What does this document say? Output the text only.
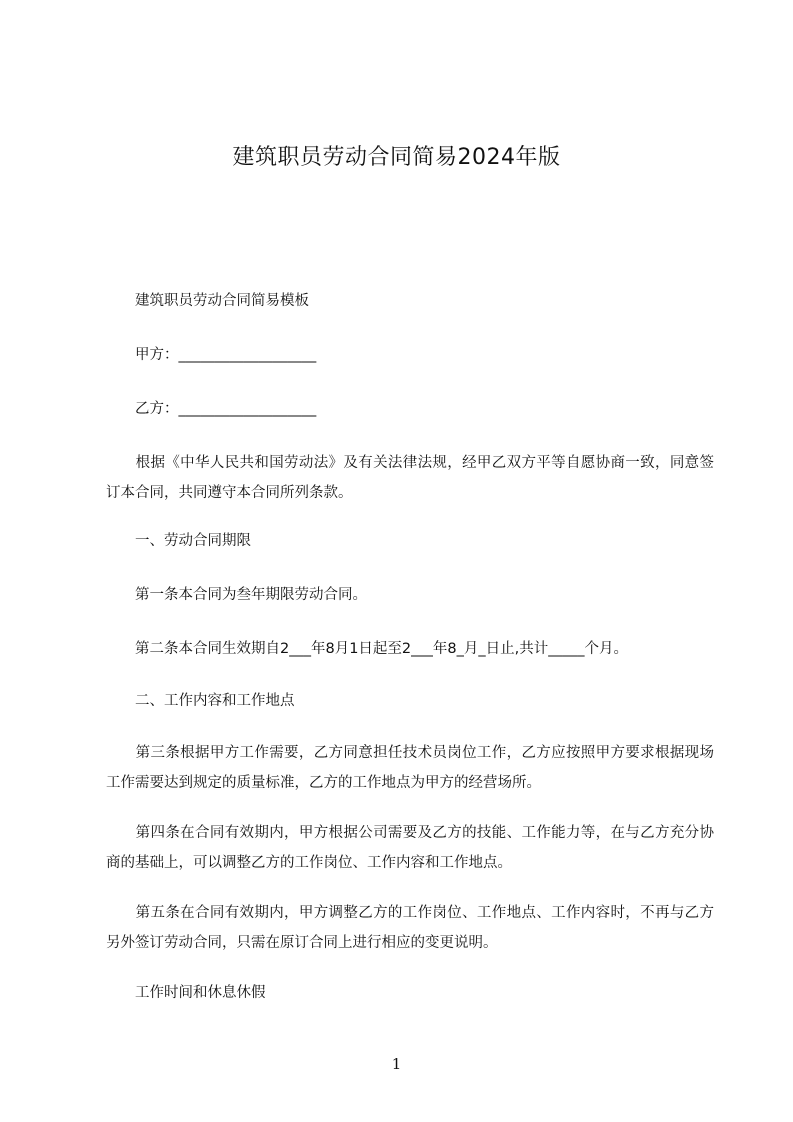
建筑职员劳动合同简易2024年版

　　建筑职员劳动合同简易模板

　　甲方：___________________

　　乙方：___________________

　　根据《中华人民共和国劳动法》及有关法律法规，经甲乙双方平等自愿协商一致，同意签订本合同，共同遵守本合同所列条款。

　　一、劳动合同期限

　　第一条本合同为叁年期限劳动合同。

　　第二条本合同生效期自2___年8月1日起至2___年8_月_日止,共计_____个月。

　　二、工作内容和工作地点

　　第三条根据甲方工作需要，乙方同意担任技术员岗位工作，乙方应按照甲方要求根据现场工作需要达到规定的质量标准，乙方的工作地点为甲方的经营场所。

　　第四条在合同有效期内，甲方根据公司需要及乙方的技能、工作能力等，在与乙方充分协商的基础上，可以调整乙方的工作岗位、工作内容和工作地点。

　　第五条在合同有效期内，甲方调整乙方的工作岗位、工作地点、工作内容时，不再与乙方另外签订劳动合同，只需在原订合同上进行相应的变更说明。

　　工作时间和休息休假

1
